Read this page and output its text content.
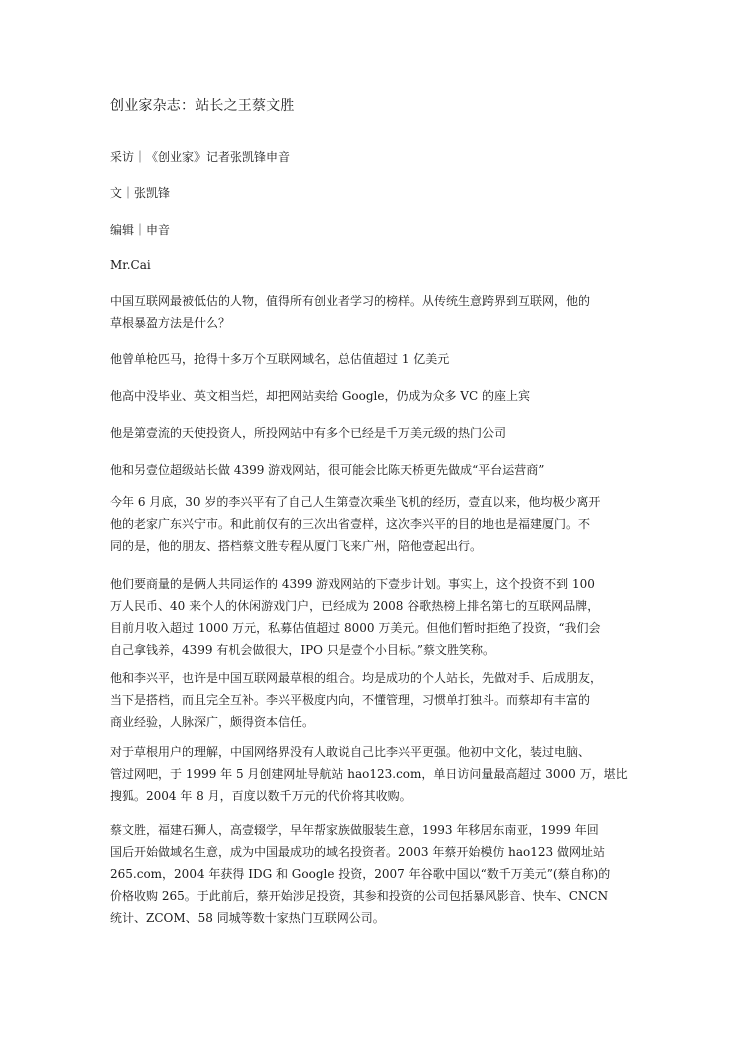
创业家杂志：站长之王蔡文胜
采访｜《创业家》记者张凯锋申音
文｜张凯锋
编辑｜申音
Mr.Cai
中国互联网最被低估的人物，值得所有创业者学习的榜样。从传统生意跨界到互联网，他的
草根暴盈方法是什么？
他曾单枪匹马，抢得十多万个互联网域名，总估值超过 1 亿美元
他高中没毕业、英文相当烂，却把网站卖给 Google，仍成为众多 VC 的座上宾
他是第壹流的天使投资人，所投网站中有多个已经是千万美元级的热门公司
他和另壹位超级站长做 4399 游戏网站，很可能会比陈天桥更先做成“平台运营商”
今年 6 月底，30 岁的李兴平有了自己人生第壹次乘坐飞机的经历，壹直以来，他均极少离开
他的老家广东兴宁市。和此前仅有的三次出省壹样，这次李兴平的目的地也是福建厦门。不
同的是，他的朋友、搭档蔡文胜专程从厦门飞来广州，陪他壹起出行。
他们要商量的是俩人共同运作的 4399 游戏网站的下壹步计划。事实上，这个投资不到 100
万人民币、40 来个人的休闲游戏门户，已经成为 2008 谷歌热榜上排名第七的互联网品牌，
目前月收入超过 1000 万元，私募估值超过 8000 万美元。但他们暂时拒绝了投资，“我们会
自己拿钱养，4399 有机会做很大，IPO 只是壹个小目标。”蔡文胜笑称。
他和李兴平，也许是中国互联网最草根的组合。均是成功的个人站长，先做对手、后成朋友，
当下是搭档，而且完全互补。李兴平极度内向，不懂管理，习惯单打独斗。而蔡却有丰富的
商业经验，人脉深广，颇得资本信任。
对于草根用户的理解，中国网络界没有人敢说自己比李兴平更强。他初中文化，装过电脑、
管过网吧，于 1999 年 5 月创建网址导航站 hao123.com，单日访问量最高超过 3000 万，堪比
搜狐。2004 年 8 月，百度以数千万元的代价将其收购。
蔡文胜，福建石狮人，高壹辍学，早年帮家族做服装生意，1993 年移居东南亚，1999 年回
国后开始做域名生意，成为中国最成功的域名投资者。2003 年蔡开始模仿 hao123 做网址站
265.com，2004 年获得 IDG 和 Google 投资，2007 年谷歌中国以“数千万美元”(蔡自称)的
价格收购 265。于此前后，蔡开始涉足投资，其参和投资的公司包括暴风影音、快车、CNCN
统计、ZCOM、58 同城等数十家热门互联网公司。
